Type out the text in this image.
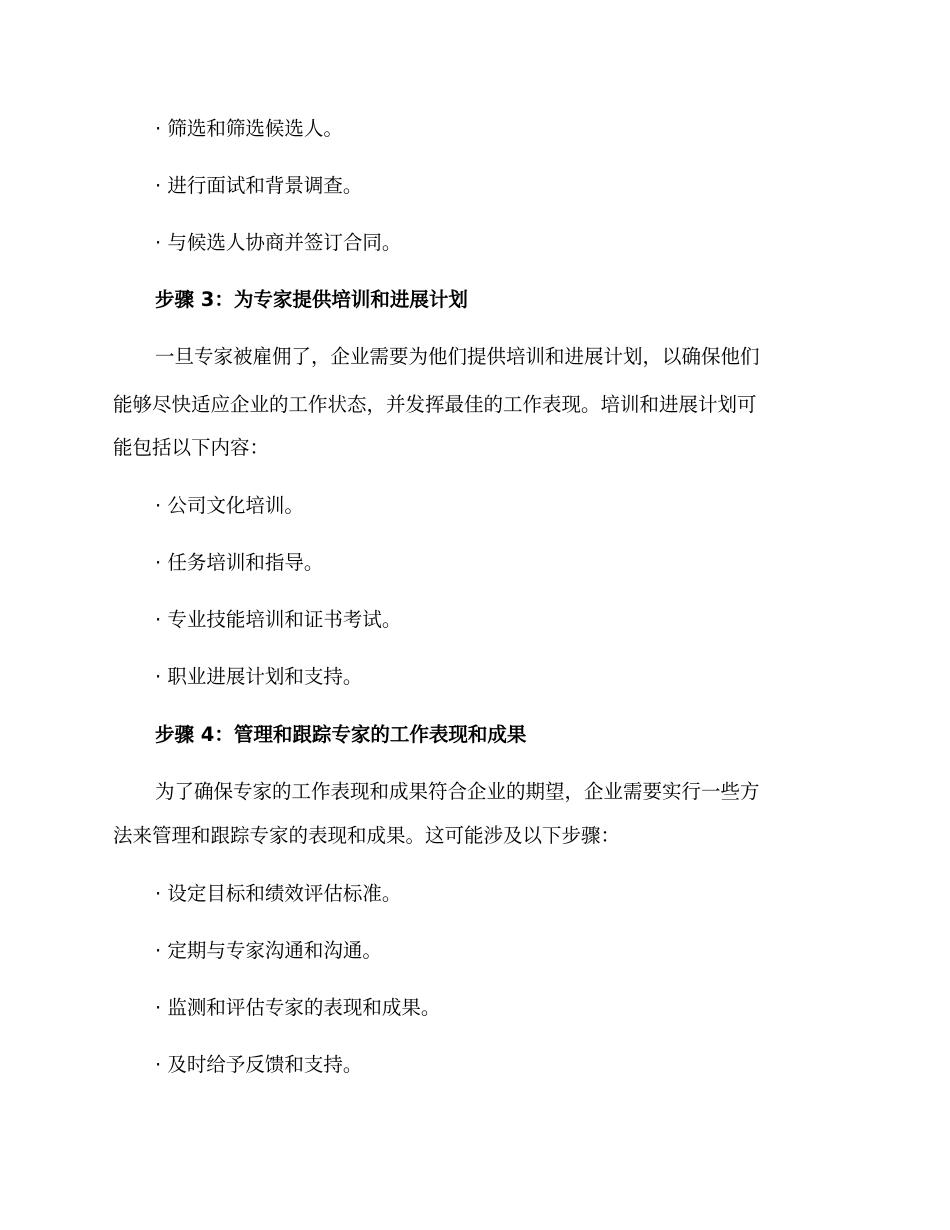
· 筛选和筛选候选人。
· 进行面试和背景调查。
· 与候选人协商并签订合同。
步骤 3：为专家提供培训和进展计划
一旦专家被雇佣了，企业需要为他们提供培训和进展计划，以确保他们
能够尽快适应企业的工作状态，并发挥最佳的工作表现。培训和进展计划可
能包括以下内容：
· 公司文化培训。
· 任务培训和指导。
· 专业技能培训和证书考试。
· 职业进展计划和支持。
步骤 4：管理和跟踪专家的工作表现和成果
为了确保专家的工作表现和成果符合企业的期望，企业需要实行一些方
法来管理和跟踪专家的表现和成果。这可能涉及以下步骤：
· 设定目标和绩效评估标准。
· 定期与专家沟通和沟通。
· 监测和评估专家的表现和成果。
· 及时给予反馈和支持。
